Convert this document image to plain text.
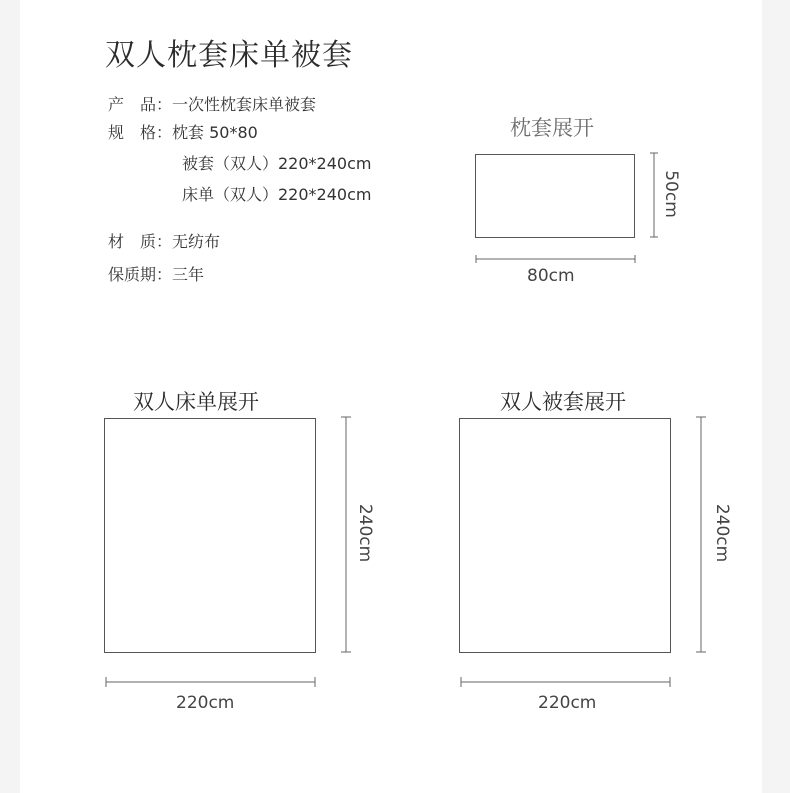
双人枕套床单被套
产　品：一次性枕套床单被套
规　格：枕套 50*80
被套（双人）220*240cm
床单（双人）220*240cm
材　质：无纺布
保质期：三年
枕套展开
80cm
50cm
双人床单展开
220cm
240cm
双人被套展开
220cm
240cm
